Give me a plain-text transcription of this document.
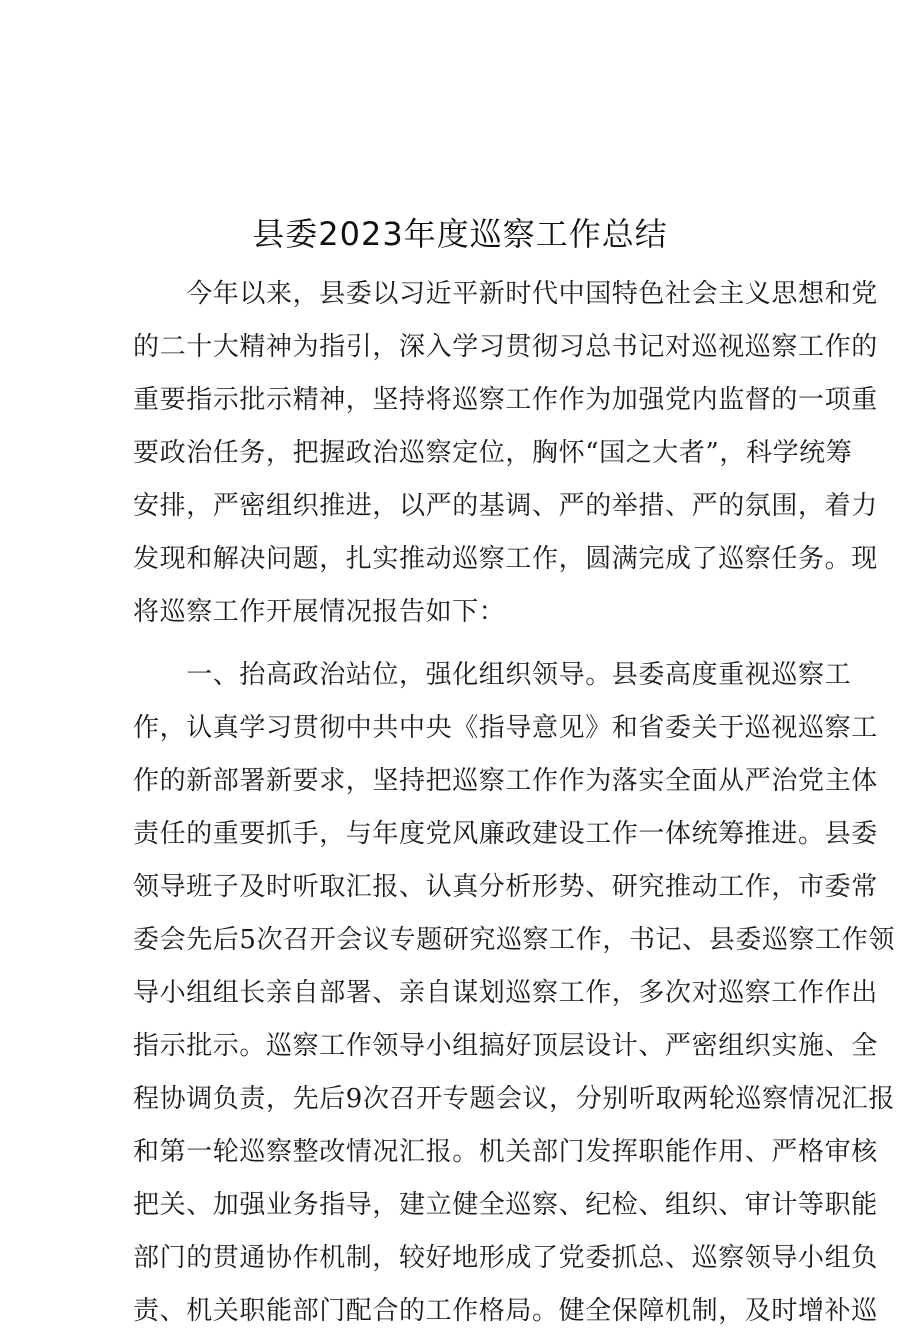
县委2023年度巡察工作总结

　　今年以来，县委以习近平新时代中国特色社会主义思想和党

的二十大精神为指引，深入学习贯彻习总书记对巡视巡察工作的

重要指示批示精神，坚持将巡察工作作为加强党内监督的一项重

要政治任务，把握政治巡察定位，胸怀“国之大者”，科学统筹

安排，严密组织推进，以严的基调、严的举措、严的氛围，着力

发现和解决问题，扎实推动巡察工作，圆满完成了巡察任务。现

将巡察工作开展情况报告如下：

　　一、抬高政治站位，强化组织领导。县委高度重视巡察工

作，认真学习贯彻中共中央《指导意见》和省委关于巡视巡察工

作的新部署新要求，坚持把巡察工作作为落实全面从严治党主体

责任的重要抓手，与年度党风廉政建设工作一体统筹推进。县委

领导班子及时听取汇报、认真分析形势、研究推动工作，市委常

委会先后5次召开会议专题研究巡察工作，书记、县委巡察工作领

导小组组长亲自部署、亲自谋划巡察工作，多次对巡察工作作出

指示批示。巡察工作领导小组搞好顶层设计、严密组织实施、全

程协调负责，先后9次召开专题会议，分别听取两轮巡察情况汇报

和第一轮巡察整改情况汇报。机关部门发挥职能作用、严格审核

把关、加强业务指导，建立健全巡察、纪检、组织、审计等职能

部门的贯通协作机制，较好地形成了党委抓总、巡察领导小组负

责、机关职能部门配合的工作格局。健全保障机制，及时增补巡
